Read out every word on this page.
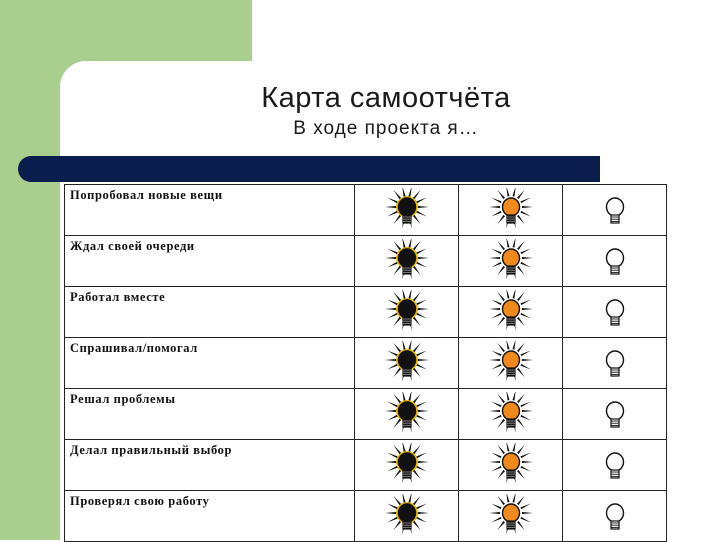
Карта самоотчёта
В ходе проекта я…
Попробовал новые вещи			
Ждал своей очереди			
Работал вместе			
Спрашивал/помогал			
Решал проблемы			
Делал правильный выбор			
Проверял свою работу			
